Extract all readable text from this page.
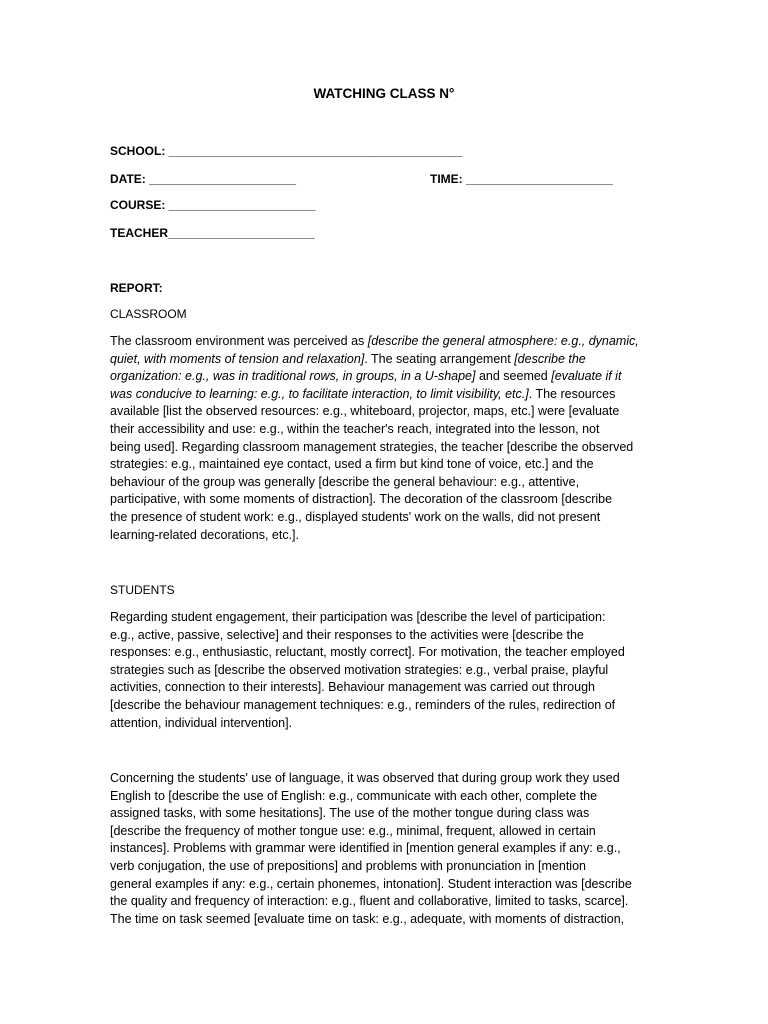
WATCHING CLASS N°
SCHOOL: ____________________________________________
DATE: ______________________	TIME: ______________________
COURSE: ______________________
TEACHER______________________
REPORT:
CLASSROOM
The classroom environment was perceived as [describe the general atmosphere: e.g., dynamic,
quiet, with moments of tension and relaxation]. The seating arrangement [describe the
organization: e.g., was in traditional rows, in groups, in a U-shape] and seemed [evaluate if it
was conducive to learning: e.g., to facilitate interaction, to limit visibility, etc.]. The resources
available [list the observed resources: e.g., whiteboard, projector, maps, etc.] were [evaluate
their accessibility and use: e.g., within the teacher's reach, integrated into the lesson, not
being used]. Regarding classroom management strategies, the teacher [describe the observed
strategies: e.g., maintained eye contact, used a firm but kind tone of voice, etc.] and the
behaviour of the group was generally [describe the general behaviour: e.g., attentive,
participative, with some moments of distraction]. The decoration of the classroom [describe
the presence of student work: e.g., displayed students' work on the walls, did not present
learning-related decorations, etc.].
STUDENTS
Regarding student engagement, their participation was [describe the level of participation:
e.g., active, passive, selective] and their responses to the activities were [describe the
responses: e.g., enthusiastic, reluctant, mostly correct]. For motivation, the teacher employed
strategies such as [describe the observed motivation strategies: e.g., verbal praise, playful
activities, connection to their interests]. Behaviour management was carried out through
[describe the behaviour management techniques: e.g., reminders of the rules, redirection of
attention, individual intervention].
Concerning the students' use of language, it was observed that during group work they used
English to [describe the use of English: e.g., communicate with each other, complete the
assigned tasks, with some hesitations]. The use of the mother tongue during class was
[describe the frequency of mother tongue use: e.g., minimal, frequent, allowed in certain
instances]. Problems with grammar were identified in [mention general examples if any: e.g.,
verb conjugation, the use of prepositions] and problems with pronunciation in [mention
general examples if any: e.g., certain phonemes, intonation]. Student interaction was [describe
the quality and frequency of interaction: e.g., fluent and collaborative, limited to tasks, scarce].
The time on task seemed [evaluate time on task: e.g., adequate, with moments of distraction,
